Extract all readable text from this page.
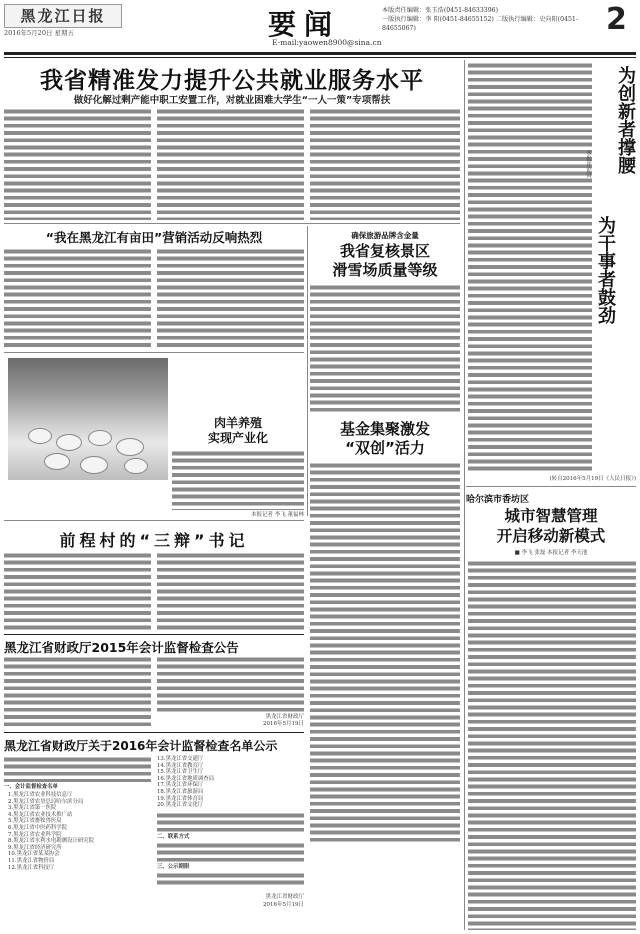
黑龙江日报
2016年5月20日 星期五	要闻
E-mail:yaowen8900@sina.cn
本版责任编辑：张玉浩(0451-84633396)
一版执行编辑：李 阳(0451-84655152) 二版执行编辑：史向阳(0451-84655067)	2
我省精准发力提升公共就业服务水平
做好化解过剩产能中职工安置工作，对就业困难大学生“一人一策”专项帮扶
“我在黑龙江有亩田”营销活动反响热烈	确保旅游品牌含金量
我省复核景区
滑雪场质量等级
肉羊养殖
实现产业化
本报记者 李飞 董福林
基金集聚激发
“双创”活力
前程村的“三辩”书记
黑龙江省财政厅2015年会计监督检查公告
黑龙江省财政厅
2016年5月19日
黑龙江省财政厅关于2016年会计监督检查名单公示
一、会计监督检查名单
1.黑龙江省农业科技信息厅
2.黑龙江省农垦总局哈尔滨分局
3.黑龙江省第一医院
4.黑龙江省农业技术推广站
5.黑龙江省畜牧兽医局
6.黑龙江省中医药科学院
7.黑龙江省农业科学院
8.黑龙江省水利水电勘测设计研究院
9.黑龙江省经济研究所
10.黑龙江省某某协会
11.黑龙江省物价局
12.黑龙江省科技厅
13.黑龙江省交通厅
14.黑龙江省教育厅
15.黑龙江省卫生厅
16.黑龙江省地质调查局
17.黑龙江省环保厅
18.黑龙江省旅游局
19.黑龙江省体育局
20.黑龙江省文化厅
二、联系方式
三、公示期限
黑龙江省财政厅
2016年5月19日
为创新者撑腰
为干事者鼓劲
本报评论员
(转自2016年5月19日《人民日报》)
哈尔滨市香坊区
城市智慧管理
开启移动新模式
■ 李飞 张磊 本报记者 李天池
